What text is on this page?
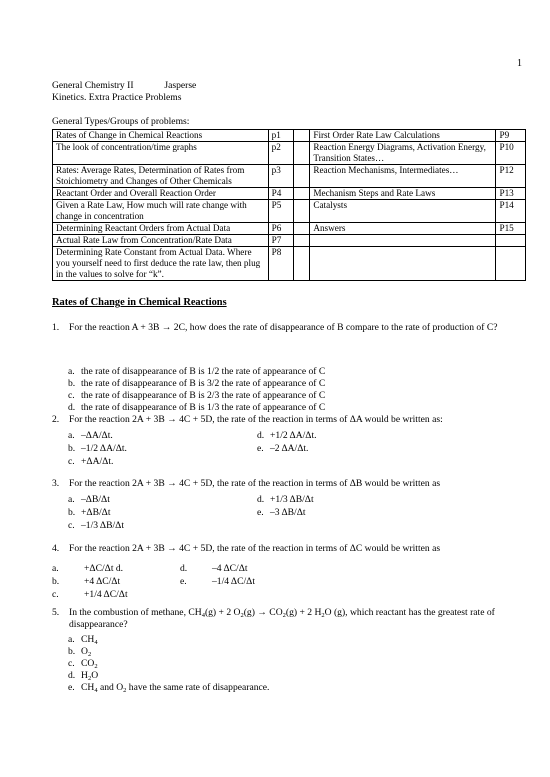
1
General Chemistry II	Jasperse
Kinetics. Extra Practice Problems
General Types/Groups of problems:
Rates of Change in Chemical Reactions	p1		First Order Rate Law Calculations	P9
The look of concentration/time graphs	p2		Reaction Energy Diagrams, Activation Energy, Transition States…	P10
Rates: Average Rates, Determination of Rates from Stoichiometry and Changes of Other Chemicals	p3		Reaction Mechanisms, Intermediates…	P12
Reactant Order and Overall Reaction Order	P4		Mechanism Steps and Rate Laws	P13
Given a Rate Law, How much will rate change with change in concentration	P5		Catalysts	P14
Determining Reactant Orders from Actual Data	P6		Answers	P15
Actual Rate Law from Concentration/Rate Data	P7			
Determining Rate Constant from Actual Data. Where you yourself need to first deduce the rate law, then plug in the values to solve for “k”.	P8			
Rates of Change in Chemical Reactions
1. For the reaction A + 3B → 2C, how does the rate of disappearance of B compare to the rate of production of C?
a. the rate of disappearance of B is 1/2 the rate of appearance of C
b. the rate of disappearance of B is 3/2 the rate of appearance of C
c. the rate of disappearance of B is 2/3 the rate of appearance of C
d. the rate of disappearance of B is 1/3 the rate of appearance of C
2. For the reaction 2A + 3B → 4C + 5D, the rate of the reaction in terms of ΔA would be written as:
a. –ΔA/Δt.
b. –1/2 ΔA/Δt.
c. +ΔA/Δt.
d. +1/2 ΔA/Δt.
e. –2 ΔA/Δt.
3. For the reaction 2A + 3B → 4C + 5D, the rate of the reaction in terms of ΔB would be written as
a. –ΔB/Δt
b. +ΔB/Δt
c. –1/3 ΔB/Δt
d. +1/3 ΔB/Δt
e. –3 ΔB/Δt
4. For the reaction 2A + 3B → 4C + 5D, the rate of the reaction in terms of ΔC would be written as
a.	+ΔC/Δt d.
b.	+4 ΔC/Δt
c.	+1/4 ΔC/Δt
d.	–4 ΔC/Δt
e.	–1/4 ΔC/Δt
5. In the combustion of methane, $CH_4(g) + 2$ $O_2(g) \to CO_2(g) + 2$ $H_2O$ (g), which reactant has the greatest rate of disappearance?
a. $CH_4$
b. $O_2$
c. $CO_2$
d. $H_2O$
e. $CH_4$ and $O_2$ have the same rate of disappearance.
